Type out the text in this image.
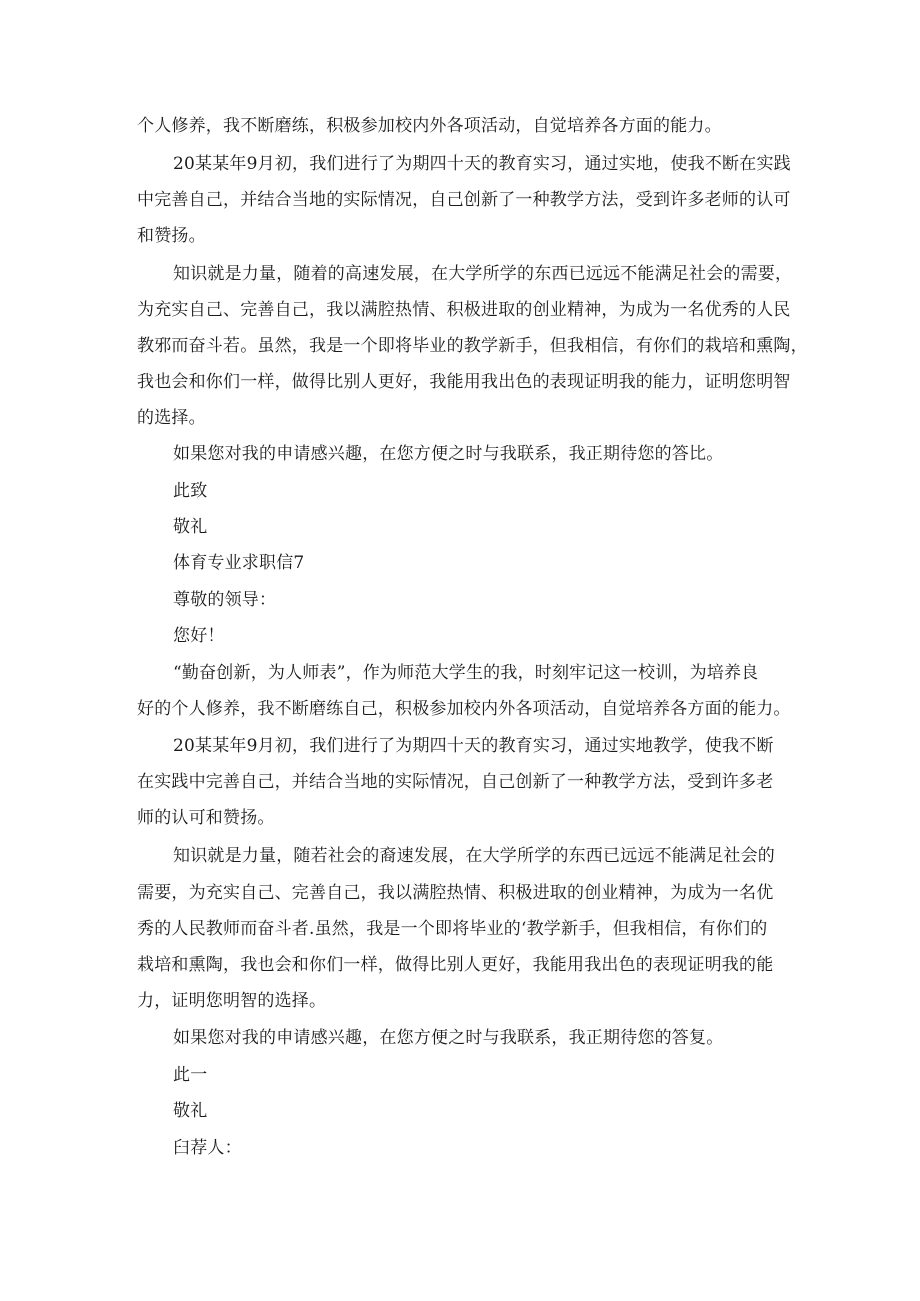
个人修养，我不断磨练，积极参加校内外各项活动，自觉培养各方面的能力。
20某某年9月初，我们进行了为期四十天的教育实习，通过实地，使我不断在实践
中完善自己，并结合当地的实际情况，自己创新了一种教学方法，受到许多老师的认可
和赞扬。
知识就是力量，随着的高速发展，在大学所学的东西已远远不能满足社会的需要，
为充实自己、完善自己，我以满腔热情、积极进取的创业精神，为成为一名优秀的人民
教邪而奋斗若。虽然，我是一个即将毕业的教学新手，但我相信，有你们的栽培和熏陶，
我也会和你们一样，做得比别人更好，我能用我出色的表现证明我的能力，证明您明智
的选择。
如果您对我的申请感兴趣，在您方便之时与我联系，我正期待您的答比。
此致
敬礼
体育专业求职信7
尊敬的领导：
您好！
“勤奋创新，为人师表”，作为师范大学生的我，时刻牢记这一校训，为培养良
好的个人修养，我不断磨练自己，积极参加校内外各项活动，自觉培养各方面的能力。
20某某年9月初，我们进行了为期四十天的教育实习，通过实地教学，使我不断
在实践中完善自己，并结合当地的实际情况，自己创新了一种教学方法，受到许多老
师的认可和赞扬。
知识就是力量，随若社会的裔速发展，在大学所学的东西已远远不能满足社会的
需要，为充实自己、完善自己，我以满腔热情、积极进取的创业精神，为成为一名优
秀的人民教师而奋斗者.虽然，我是一个即将毕业的‘教学新手，但我相信，有你们的
栽培和熏陶，我也会和你们一样，做得比别人更好，我能用我出色的表现证明我的能
力，证明您明智的选择。
如果您对我的申请感兴趣，在您方便之时与我联系，我正期待您的答复。
此一
敬礼
臼荐人：
